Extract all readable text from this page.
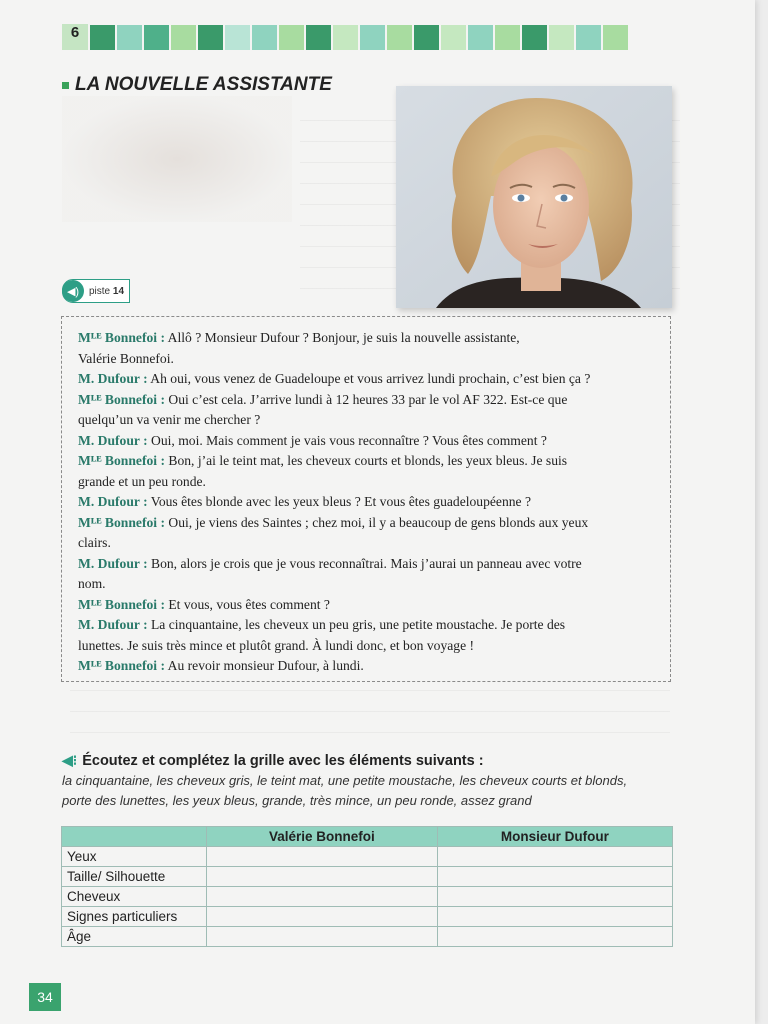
6
LA NOUVELLE ASSISTANTE
◀) piste 14
Mᴸᴱ Bonnefoi : Allô ? Monsieur Dufour ? Bonjour, je suis la nouvelle assistante,
Valérie Bonnefoi.
M. Dufour : Ah oui, vous venez de Guadeloupe et vous arrivez lundi prochain, c’est bien ça ?
Mᴸᴱ Bonnefoi : Oui c’est cela. J’arrive lundi à 12 heures 33 par le vol AF 322. Est-ce que
quelqu’un va venir me chercher ?
M. Dufour : Oui, moi. Mais comment je vais vous reconnaître ? Vous êtes comment ?
Mᴸᴱ Bonnefoi : Bon, j’ai le teint mat, les cheveux courts et blonds, les yeux bleus. Je suis
grande et un peu ronde.
M. Dufour : Vous êtes blonde avec les yeux bleus ? Et vous êtes guadeloupéenne ?
Mᴸᴱ Bonnefoi : Oui, je viens des Saintes ; chez moi, il y a beaucoup de gens blonds aux yeux
clairs.
M. Dufour : Bon, alors je crois que je vous reconnaîtrai. Mais j’aurai un panneau avec votre
nom.
Mᴸᴱ Bonnefoi : Et vous, vous êtes comment ?
M. Dufour : La cinquantaine, les cheveux un peu gris, une petite moustache. Je porte des
lunettes. Je suis très mince et plutôt grand. À lundi donc, et bon voyage !
Mᴸᴱ Bonnefoi : Au revoir monsieur Dufour, à lundi.
◀⁝ Écoutez et complétez la grille avec les éléments suivants :
la cinquantaine, les cheveux gris, le teint mat, une petite moustache, les cheveux courts et blonds,
porte des lunettes, les yeux bleus, grande, très mince, un peu ronde, assez grand
	Valérie Bonnefoi	Monsieur Dufour
Yeux		
Taille/ Silhouette		
Cheveux		
Signes particuliers		
Âge		
34
